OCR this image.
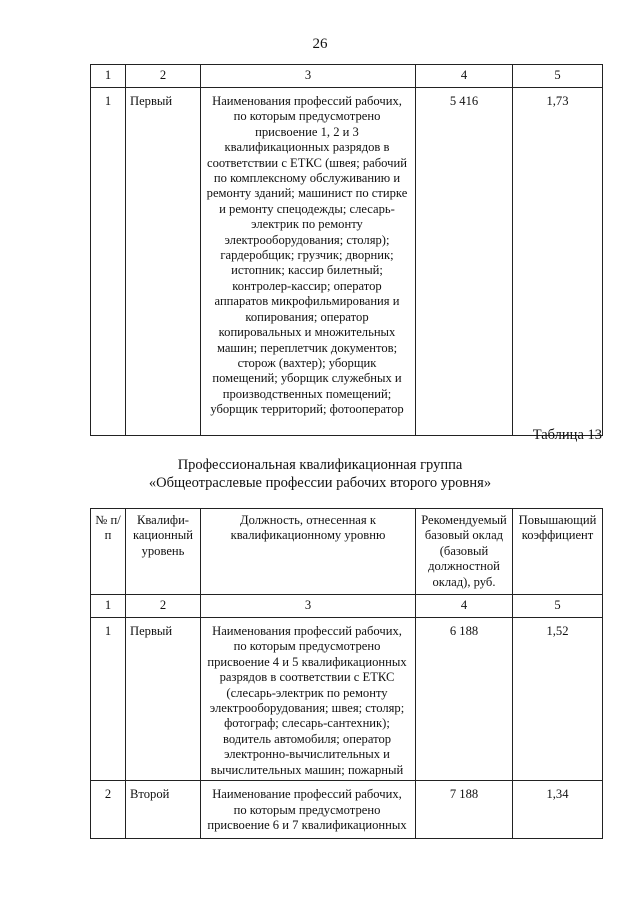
26
1	2	3	4	5
1	Первый	Наименования профессий рабочих, по которым предусмотрено присвоение 1, 2 и 3 квалификационных разрядов в соответствии с ЕТКС (швея; рабочий по комплексному обслуживанию и ремонту зданий; машинист по стирке и ремонту спецодежды; слесарь-электрик по ремонту электрооборудования; столяр); гардеробщик; грузчик; дворник; истопник; кассир билетный; контролер-кассир; оператор аппаратов микрофильмирования и копирования; оператор копировальных и множительных машин; переплетчик документов; сторож (вахтер); уборщик помещений; уборщик служебных и производственных помещений; уборщик территорий; фотооператор	5 416	1,73
Таблица 13
Профессиональная квалификационная группа
«Общеотраслевые профессии рабочих второго уровня»
№ п/п	Квалифи-кационный уровень	Должность, отнесенная к квалификационному уровню	Рекомендуемый базовый оклад (базовый должностной оклад), руб.	Повышающий коэффициент
1	2	3	4	5
1	Первый	Наименования профессий рабочих, по которым предусмотрено присвоение 4 и 5 квалификационных разрядов в соответствии с ЕТКС (слесарь-электрик по ремонту электрооборудования; швея; столяр; фотограф; слесарь-сантехник); водитель автомобиля; оператор электронно-вычислительных и вычислительных машин; пожарный	6 188	1,52
2	Второй	Наименование профессий рабочих, по которым предусмотрено присвоение 6 и 7 квалификационных	7 188	1,34
